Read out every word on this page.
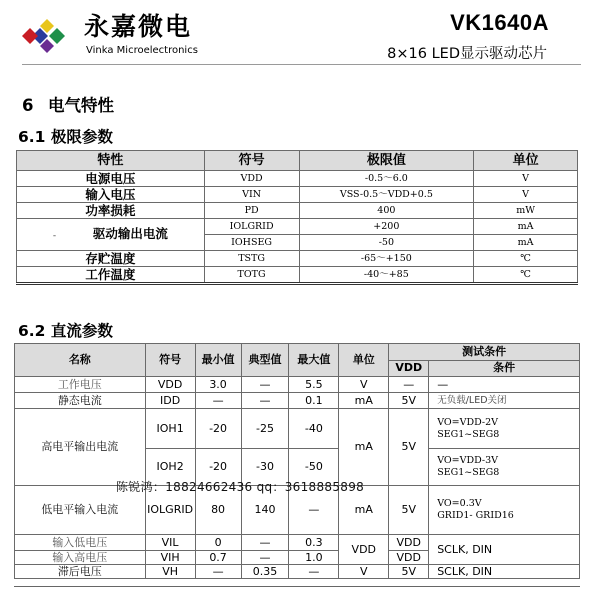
永嘉微电
Vinka Microelectronics
VK1640A
8×16 LED显示驱动芯片
6 电气特性
6.1 极限参数
特性	符号	极限值	单位
电源电压	VDD	-0.5～6.0	V
输入电压	VIN	VSS-0.5～VDD+0.5	V
功率损耗	PD	400	mW
- 驱动输出电流	IOLGRID	+200	mA
	IOHSEG	-50	mA
存贮温度	TSTG	-65～+150	℃
工作温度	TOTG	-40～+85	℃
6.2 直流参数
名称	符号	最小值	典型值	最大值	单位	测试条件	
						VDD	条件
工作电压	VDD	3.0	—	5.5	V	—	—
静态电流	IDD	—	—	0.1	mA	5V	无负载/LED关闭
高电平输出电流	IOH1	-20	-25	-40	mA	5V	VO=VDD-2V
SEG1~SEG8

	IOH2	-20	-30	-50			VO=VDD-3V
SEG1~SEG8

低电平输入电流	IOLGRID	80	140	—	mA	5V	VO=0.3V
GRID1- GRID16

输入低电压	VIL	0	—	0.3	VDD	VDD	SCLK, DIN
输入高电压	VIH	0.7	—	1.0		VDD	
滞后电压	VH	—	0.35	—	V	5V	SCLK, DIN
陈锐鸿：18824662436 qq：3618885898
